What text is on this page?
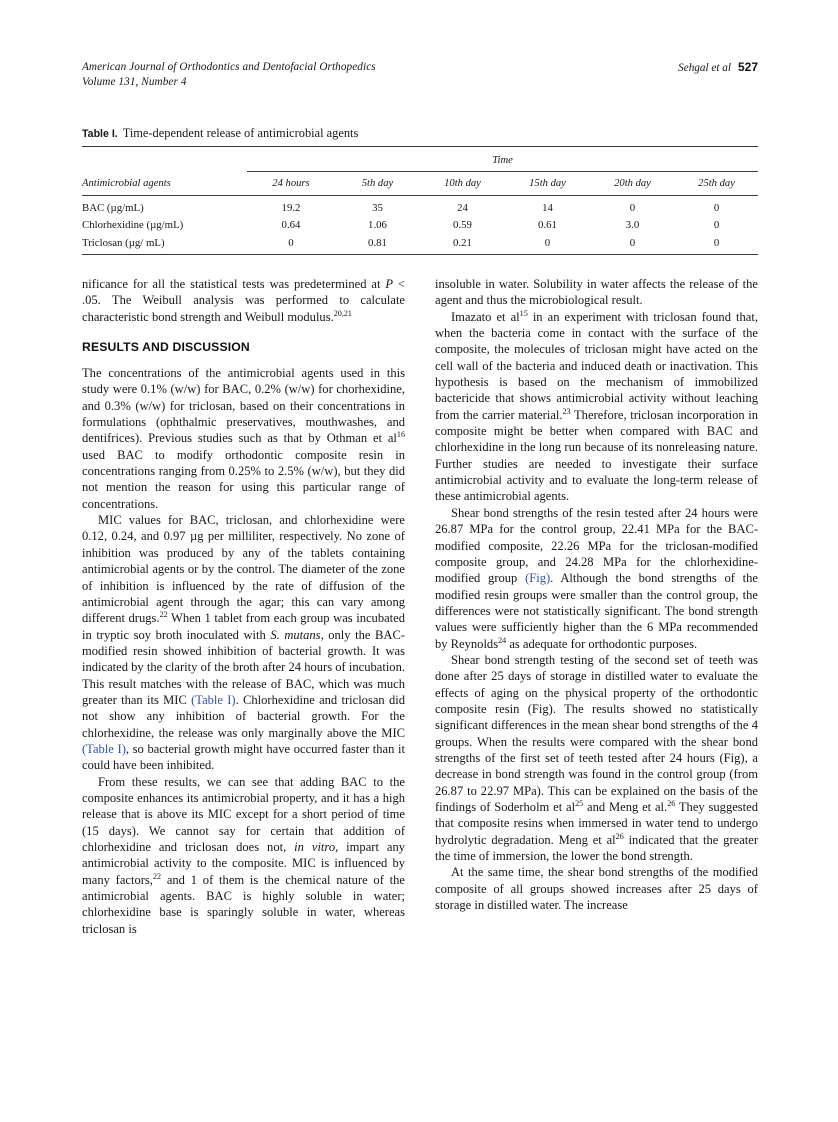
American Journal of Orthodontics and Dentofacial Orthopedics
Volume 131, Number 4
Sehgal et al 527
Table I. Time-dependent release of antimicrobial agents
	Time					
Antimicrobial agents	24 hours	5th day	10th day	15th day	20th day	25th day
BAC (µg/mL)	19.2	35	24	14	0	0
Chlorhexidine (µg/mL)	0.64	1.06	0.59	0.61	3.0	0
Triclosan (µg/ mL)	0	0.81	0.21	0	0	0

nificance for all the statistical tests was predetermined at P < .05. The Weibull analysis was performed to calculate characteristic bond strength and Weibull modulus.$^{20,21}$

RESULTS AND DISCUSSION

The concentrations of the antimicrobial agents used in this study were 0.1% (w/w) for BAC, 0.2% (w/w) for chorhexidine, and 0.3% (w/w) for triclosan, based on their concentrations in formulations (ophthalmic preservatives, mouthwashes, and dentifrices). Previous studies such as that by Othman et $al^{16}$ used BAC to modify orthodontic composite resin in concentrations ranging from 0.25% to 2.5% (w/w), but they did not mention the reason for using this particular range of concentrations.

MIC values for BAC, triclosan, and chlorhexidine were 0.12, 0.24, and 0.97 µg per milliliter, respectively. No zone of inhibition was produced by any of the tablets containing antimicrobial agents or by the control. The diameter of the zone of inhibition is influenced by the rate of diffusion of the antimicrobial agent through the agar; this can vary among different drugs.$^{22}$ When 1 tablet from each group was incubated in tryptic soy broth inoculated with S. mutans, only the BAC-modified resin showed inhibition of bacterial growth. It was indicated by the clarity of the broth after 24 hours of incubation. This result matches with the release of BAC, which was much greater than its MIC (Table I). Chlorhexidine and triclosan did not show any inhibition of bacterial growth. For the chlorhexidine, the release was only marginally above the MIC (Table I), so bacterial growth might have occurred faster than it could have been inhibited.

From these results, we can see that adding BAC to the composite enhances its antimicrobial property, and it has a high release that is above its MIC except for a short period of time (15 days). We cannot say for certain that addition of chlorhexidine and triclosan does not, in vitro, impart any antimicrobial activity to the composite. MIC is influenced by many factors,$^{22}$ and 1 of them is the chemical nature of the antimicrobial agents. BAC is highly soluble in water; chlorhexidine base is sparingly soluble in water, whereas triclosan is

insoluble in water. Solubility in water affects the release of the agent and thus the microbiological result.

Imazato et $al^{15}$ in an experiment with triclosan found that, when the bacteria come in contact with the surface of the composite, the molecules of triclosan might have acted on the cell wall of the bacteria and induced death or inactivation. This hypothesis is based on the mechanism of immobilized bactericide that shows antimicrobial activity without leaching from the carrier material.$^{23}$ Therefore, triclosan incorporation in composite might be better when compared with BAC and chlorhexidine in the long run because of its nonreleasing nature. Further studies are needed to investigate their surface antimicrobial activity and to evaluate the long-term release of these antimicrobial agents.

Shear bond strengths of the resin tested after 24 hours were 26.87 MPa for the control group, 22.41 MPa for the BAC-modified composite, 22.26 MPa for the triclosan-modified composite group, and 24.28 MPa for the chlorhexidine-modified group (Fig). Although the bond strengths of the modified resin groups were smaller than the control group, the differences were not statistically significant. The bond strength values were sufficiently higher than the 6 MPa recommended by Reynolds$^{24}$ as adequate for orthodontic purposes.

Shear bond strength testing of the second set of teeth was done after 25 days of storage in distilled water to evaluate the effects of aging on the physical property of the orthodontic composite resin (Fig). The results showed no statistically significant differences in the mean shear bond strengths of the 4 groups. When the results were compared with the shear bond strengths of the first set of teeth tested after 24 hours (Fig), a decrease in bond strength was found in the control group (from 26.87 to 22.97 MPa). This can be explained on the basis of the findings of Soderholm et $al^{25}$ and Meng et al.$^{26}$ They suggested that composite resins when immersed in water tend to undergo hydrolytic degradation. Meng et $al^{26}$ indicated that the greater the time of immersion, the lower the bond strength.

At the same time, the shear bond strengths of the modified composite of all groups showed increases after 25 days of storage in distilled water. The increase
